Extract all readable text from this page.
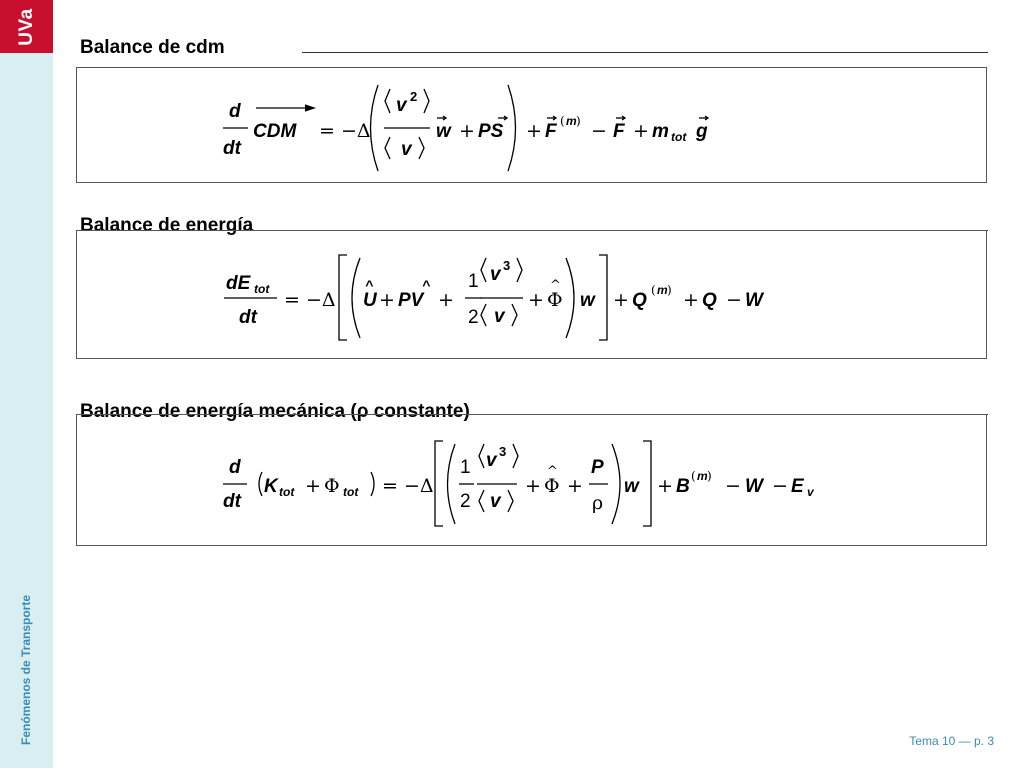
UVa
Fenómenos de Transporte
Balance de cdm
d
dt
CDM = −Δ
v 2
v
w + PS + F ( m ) − F + m tot g
Balance de energía
dE tot
dt
= −Δ U
^
+ PV
^
+
1
2
v 3
v
+ Φ
^
w + Q ( m ) + Q − W
Balance de energía mecánica (ρ constante)
d
dt
K tot + Φ tot = −Δ
1
2
v 3
v
+ Φ
^
+
P
ρ
w + B ( m ) − W − E v
Tema 10 — p. 3
